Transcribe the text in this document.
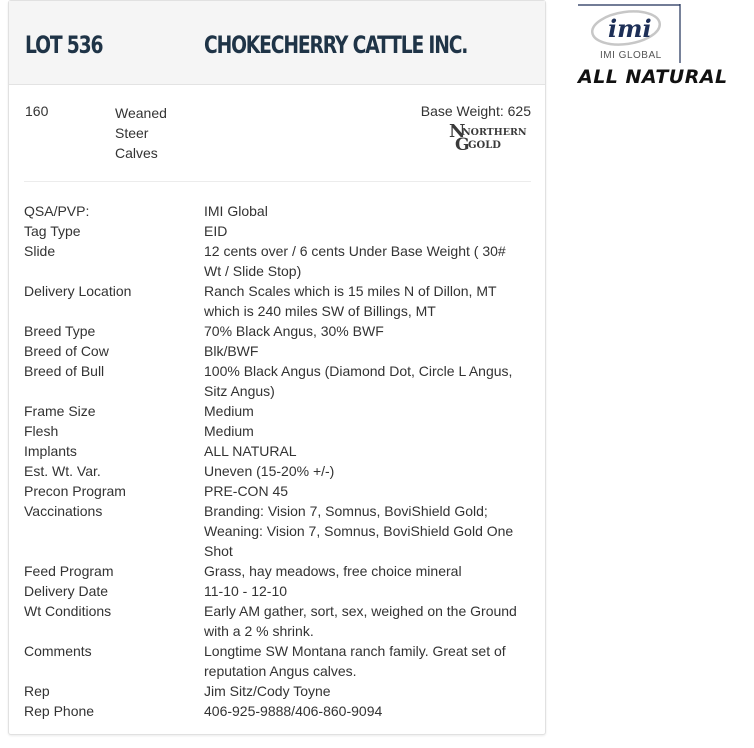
LOT 536	CHOKECHERRY CATTLE INC.
160	Weaned
Steer
Calves
Base Weight: 625
N
NORTHERN
G
GOLD
QSA/PVP:	IMI Global
Tag Type	EID
Slide	12 cents over / 6 cents Under Base Weight ( 30# Wt / Slide Stop)
Delivery Location	Ranch Scales which is 15 miles N of Dillon, MT which is 240 miles SW of Billings, MT
Breed Type	70% Black Angus, 30% BWF
Breed of Cow	Blk/BWF
Breed of Bull	100% Black Angus (Diamond Dot, Circle L Angus, Sitz Angus)
Frame Size	Medium
Flesh	Medium
Implants	ALL NATURAL
Est. Wt. Var.	Uneven (15-20% +/-)
Precon Program	PRE-CON 45
Vaccinations	Branding: Vision 7, Somnus, BoviShield Gold; Weaning: Vision 7, Somnus, BoviShield Gold One Shot
Feed Program	Grass, hay meadows, free choice mineral
Delivery Date	11-10 - 12-10
Wt Conditions	Early AM gather, sort, sex, weighed on the Ground with a 2 % shrink.
Comments	Longtime SW Montana ranch family. Great set of reputation Angus calves.
Rep	Jim Sitz/Cody Toyne
Rep Phone	406-925-9888/406-860-9094
imi
IMI GLOBAL
ALL NATURAL
